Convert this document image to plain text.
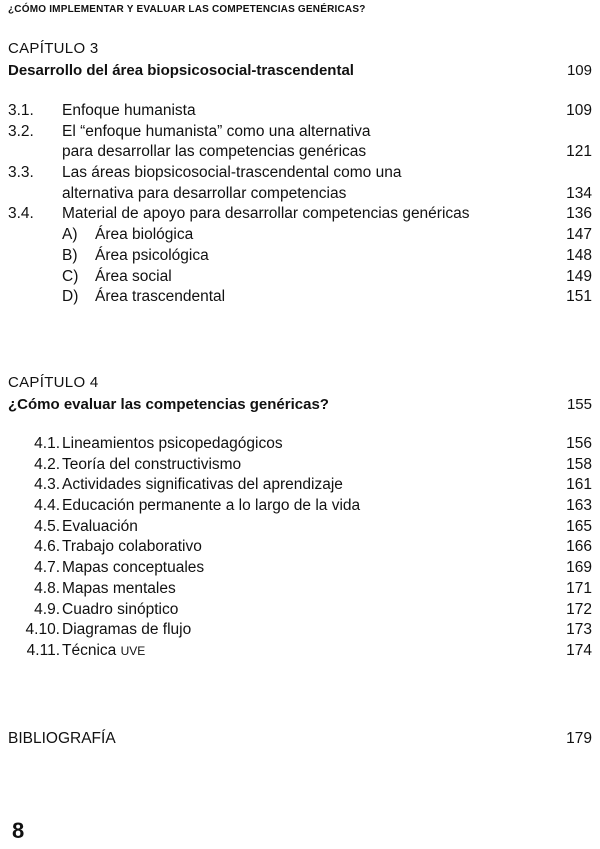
¿CÓMO IMPLEMENTAR Y EVALUAR LAS COMPETENCIAS GENÉRICAS?
CAPÍTULO 3
Desarrollo del área biopsicosocial-trascendental	109
3.1.	Enfoque humanista	109
3.2.	El “enfoque humanista” como una alternativa
para desarrollar las competencias genéricas	121
3.3.	Las áreas biopsicosocial-trascendental como una
alternativa para desarrollar competencias	134
3.4.	Material de apoyo para desarrollar competencias genéricas	136
A)	Área biológica	147
B)	Área psicológica	148
C)	Área social	149
D)	Área trascendental	151
CAPÍTULO 4
¿Cómo evaluar las competencias genéricas?	155
4.1. Lineamientos psicopedagógicos	156
4.2. Teoría del constructivismo	158
4.3. Actividades significativas del aprendizaje	161
4.4. Educación permanente a lo largo de la vida	163
4.5. Evaluación	165
4.6. Trabajo colaborativo	166
4.7. Mapas conceptuales	169
4.8. Mapas mentales	171
4.9. Cuadro sinóptico	172
4.10. Diagramas de flujo	173
4.11. Técnica UVE	174
BIBLIOGRAFÍA	179
8
